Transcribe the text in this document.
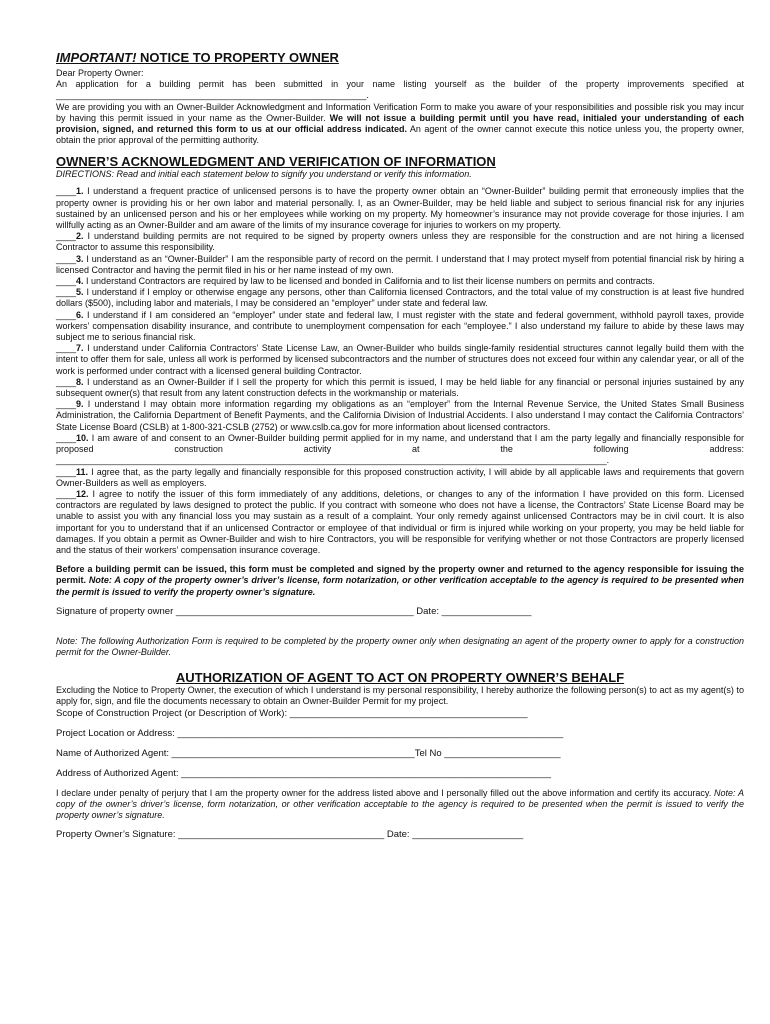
IMPORTANT! NOTICE TO PROPERTY OWNER

Dear Property Owner:

An application for a building permit has been submitted in your name listing yourself as the builder of the property improvements specified at ______________________________________________________________.

We are providing you with an Owner-Builder Acknowledgment and Information Verification Form to make you aware of your responsibilities and possible risk you may incur by having this permit issued in your name as the Owner-Builder. We will not issue a building permit until you have read, initialed your understanding of each provision, signed, and returned this form to us at our official address indicated. An agent of the owner cannot execute this notice unless you, the property owner, obtain the prior approval of the permitting authority.

OWNER’S ACKNOWLEDGMENT AND VERIFICATION OF INFORMATION
DIRECTIONS: Read and initial each statement below to signify you understand or verify this information.

____1. I understand a frequent practice of unlicensed persons is to have the property owner obtain an “Owner-Builder” building permit that erroneously implies that the property owner is providing his or her own labor and material personally. I, as an Owner-Builder, may be held liable and subject to serious financial risk for any injuries sustained by an unlicensed person and his or her employees while working on my property. My homeowner’s insurance may not provide coverage for those injuries. I am willfully acting as an Owner-Builder and am aware of the limits of my insurance coverage for injuries to workers on my property.

____2. I understand building permits are not required to be signed by property owners unless they are responsible for the construction and are not hiring a licensed Contractor to assume this responsibility.

____3. I understand as an “Owner-Builder” I am the responsible party of record on the permit. I understand that I may protect myself from potential financial risk by hiring a licensed Contractor and having the permit filed in his or her name instead of my own.

____4. I understand Contractors are required by law to be licensed and bonded in California and to list their license numbers on permits and contracts.

____5. I understand if I employ or otherwise engage any persons, other than California licensed Contractors, and the total value of my construction is at least five hundred dollars ($500), including labor and materials, I may be considered an “employer” under state and federal law.

____6. I understand if I am considered an “employer” under state and federal law, I must register with the state and federal government, withhold payroll taxes, provide workers’ compensation disability insurance, and contribute to unemployment compensation for each “employee.” I also understand my failure to abide by these laws may subject me to serious financial risk.

____7. I understand under California Contractors’ State License Law, an Owner-Builder who builds single-family residential structures cannot legally build them with the intent to offer them for sale, unless all work is performed by licensed subcontractors and the number of structures does not exceed four within any calendar year, or all of the work is performed under contract with a licensed general building Contractor.

____8. I understand as an Owner-Builder if I sell the property for which this permit is issued, I may be held liable for any financial or personal injuries sustained by any subsequent owner(s) that result from any latent construction defects in the workmanship or materials.

____9. I understand I may obtain more information regarding my obligations as an “employer” from the Internal Revenue Service, the United States Small Business Administration, the California Department of Benefit Payments, and the California Division of Industrial Accidents. I also understand I may contact the California Contractors’ State License Board (CSLB) at 1-800-321-CSLB (2752) or www.cslb.ca.gov for more information about licensed contractors.

____10. I am aware of and consent to an Owner-Builder building permit applied for in my name, and understand that I am the party legally and financially responsible for proposed construction activity at the following address: ______________________________________________________________________________________________________________.

____11. I agree that, as the party legally and financially responsible for this proposed construction activity, I will abide by all applicable laws and requirements that govern Owner-Builders as well as employers.

____12. I agree to notify the issuer of this form immediately of any additions, deletions, or changes to any of the information I have provided on this form. Licensed contractors are regulated by laws designed to protect the public. If you contract with someone who does not have a license, the Contractors’ State License Board may be unable to assist you with any financial loss you may sustain as a result of a complaint. Your only remedy against unlicensed Contractors may be in civil court. It is also important for you to understand that if an unlicensed Contractor or employee of that individual or firm is injured while working on your property, you may be held liable for damages. If you obtain a permit as Owner-Builder and wish to hire Contractors, you will be responsible for verifying whether or not those Contractors are properly licensed and the status of their workers’ compensation insurance coverage.

Before a building permit can be issued, this form must be completed and signed by the property owner and returned to the agency responsible for issuing the permit. Note: A copy of the property owner’s driver’s license, form notarization, or other verification acceptable to the agency is required to be presented when the permit is issued to verify the property owner’s signature.

Signature of property owner _____________________________________________ Date: _________________

Note: The following Authorization Form is required to be completed by the property owner only when designating an agent of the property owner to apply for a construction permit for the Owner-Builder.

AUTHORIZATION OF AGENT TO ACT ON PROPERTY OWNER’S BEHALF

Excluding the Notice to Property Owner, the execution of which I understand is my personal responsibility, I hereby authorize the following person(s) to act as my agent(s) to apply for, sign, and file the documents necessary to obtain an Owner-Builder Permit for my project.

Scope of Construction Project (or Description of Work): _____________________________________________

Project Location or Address: _________________________________________________________________________

Name of Authorized Agent: ______________________________________________Tel No ______________________

Address of Authorized Agent: ______________________________________________________________________

I declare under penalty of perjury that I am the property owner for the address listed above and I personally filled out the above information and certify its accuracy. Note: A copy of the owner’s driver’s license, form notarization, or other verification acceptable to the agency is required to be presented when the permit is issued to verify the property owner’s signature.

Property Owner’s Signature: _______________________________________ Date: _____________________
